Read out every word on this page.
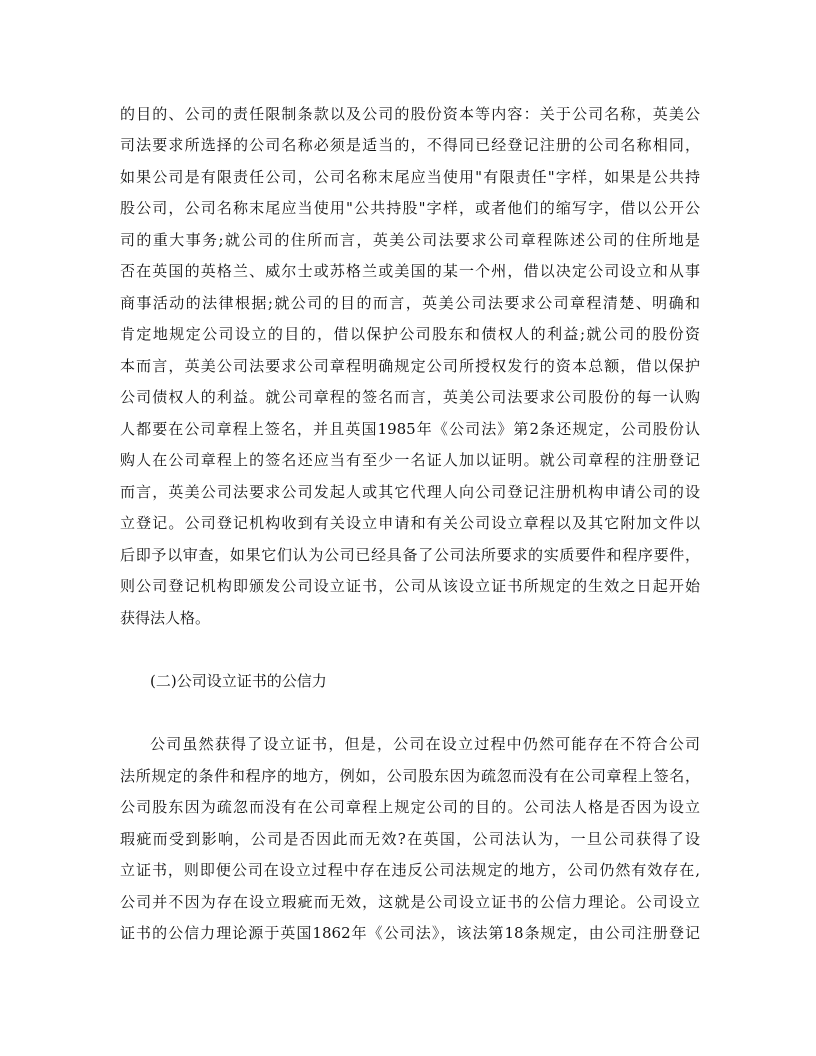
的目的、公司的责任限制条款以及公司的股份资本等内容：关于公司名称，英美公
司法要求所选择的公司名称必须是适当的，不得同已经登记注册的公司名称相同，
如果公司是有限责任公司，公司名称末尾应当使用"有限责任"字样，如果是公共持
股公司，公司名称末尾应当使用"公共持股"字样，或者他们的缩写字，借以公开公
司的重大事务;就公司的住所而言，英美公司法要求公司章程陈述公司的住所地是
否在英国的英格兰、威尔士或苏格兰或美国的某一个州，借以决定公司设立和从事
商事活动的法律根据;就公司的目的而言，英美公司法要求公司章程清楚、明确和
肯定地规定公司设立的目的，借以保护公司股东和债权人的利益;就公司的股份资
本而言，英美公司法要求公司章程明确规定公司所授权发行的资本总额，借以保护
公司债权人的利益。就公司章程的签名而言，英美公司法要求公司股份的每一认购
人都要在公司章程上签名，并且英国1985年《公司法》第2条还规定，公司股份认
购人在公司章程上的签名还应当有至少一名证人加以证明。就公司章程的注册登记
而言，英美公司法要求公司发起人或其它代理人向公司登记注册机构申请公司的设
立登记。公司登记机构收到有关设立申请和有关公司设立章程以及其它附加文件以
后即予以审查，如果它们认为公司已经具备了公司法所要求的实质要件和程序要件，
则公司登记机构即颁发公司设立证书，公司从该设立证书所规定的生效之日起开始
获得法人格。
(二)公司设立证书的公信力
公司虽然获得了设立证书，但是，公司在设立过程中仍然可能存在不符合公司
法所规定的条件和程序的地方，例如，公司股东因为疏忽而没有在公司章程上签名，
公司股东因为疏忽而没有在公司章程上规定公司的目的。公司法人格是否因为设立
瑕疵而受到影响，公司是否因此而无效?在英国，公司法认为，一旦公司获得了设
立证书，则即便公司在设立过程中存在违反公司法规定的地方，公司仍然有效存在,
公司并不因为存在设立瑕疵而无效，这就是公司设立证书的公信力理论。公司设立
证书的公信力理论源于英国1862年《公司法》，该法第18条规定，由公司注册登记
